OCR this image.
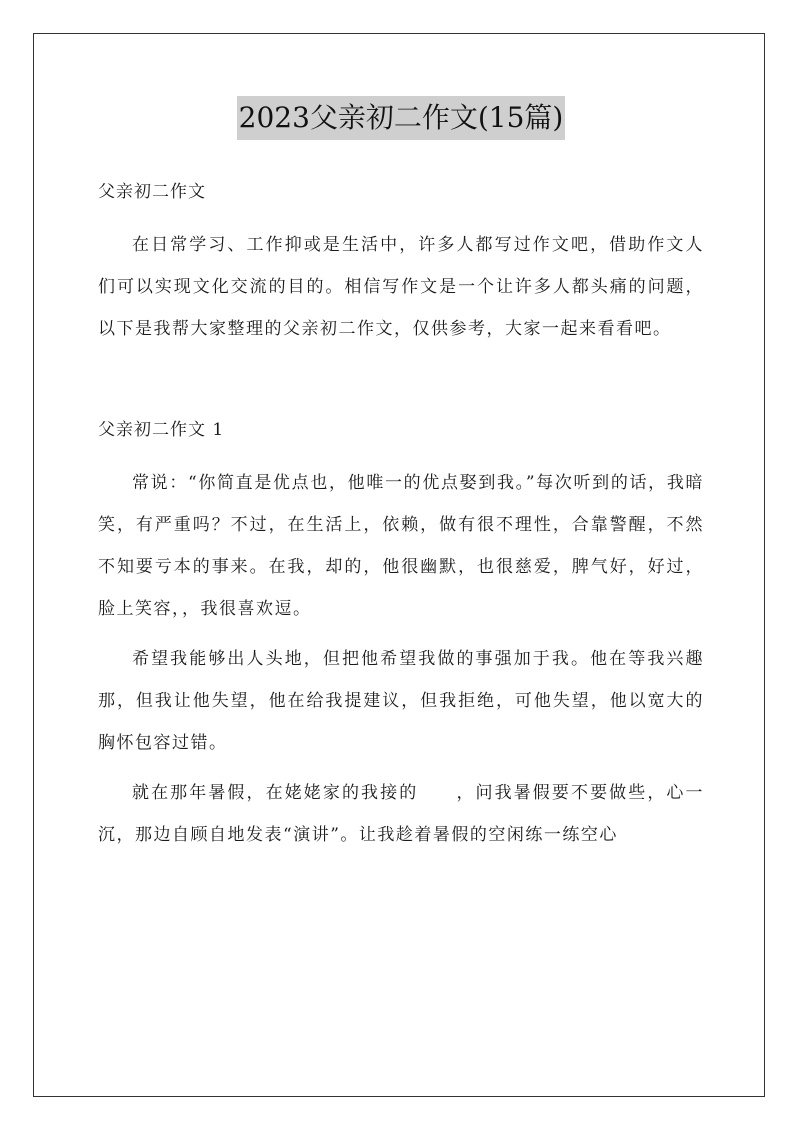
2023父亲初二作文(15篇)

父亲初二作文

在日常学习、工作抑或是生活中，许多人都写过作文吧，借助作文人们可以实现文化交流的目的。相信写作文是一个让许多人都头痛的问题，以下是我帮大家整理的父亲初二作文，仅供参考，大家一起来看看吧。

父亲初二作文 1

常说：“你简直是优点也，他唯一的优点娶到我。”每次听到的话，我暗笑，有严重吗？不过，在生活上，依赖，做有很不理性，合靠警醒，不然不知要亏本的事来。在我，却的，他很幽默，也很慈爱，脾气好，好过，脸上笑容，，我很喜欢逗。

希望我能够出人头地，但把他希望我做的事强加于我。他在等我兴趣那，但我让他失望，他在给我提建议，但我拒绝，可他失望，他以宽大的胸怀包容过错。

就在那年暑假，在姥姥家的我接的　　，问我暑假要不要做些，心一沉，那边自顾自地发表“演讲”。让我趁着暑假的空闲练一练空心
